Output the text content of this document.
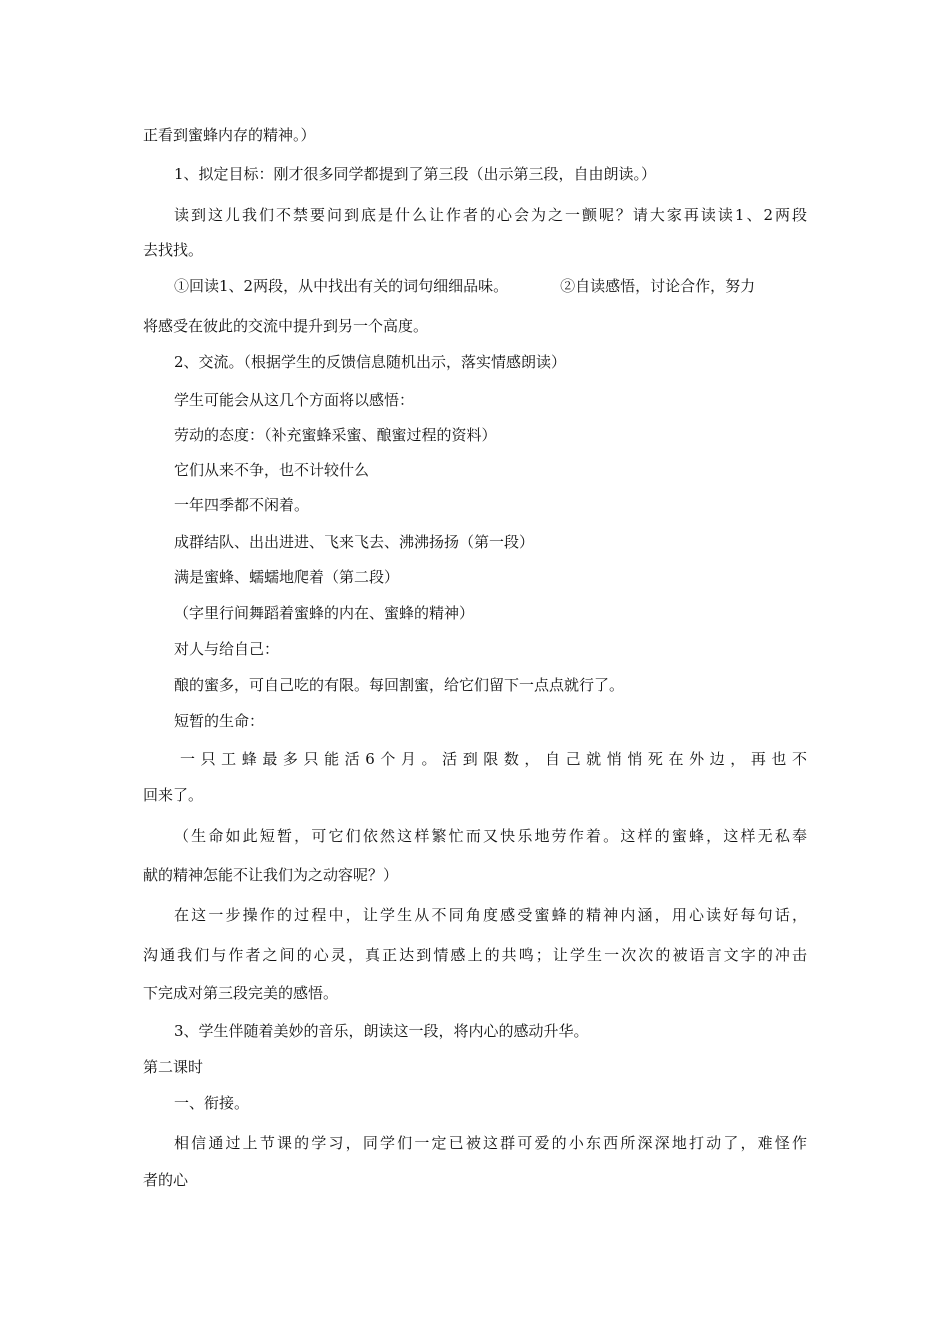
正看到蜜蜂内存的精神。）
1、拟定目标：刚才很多同学都提到了第三段（出示第三段，自由朗读。）
读到这儿我们不禁要问到底是什么让作者的心会为之一颤呢？请大家再读读1、2两段
去找找。
①回读1、2两段，从中找出有关的词句细细品味。	②自读感悟，讨论合作，努力
将感受在彼此的交流中提升到另一个高度。
2、交流。（根据学生的反馈信息随机出示，落实情感朗读）
学生可能会从这几个方面将以感悟：
劳动的态度：（补充蜜蜂采蜜、酿蜜过程的资料）
它们从来不争，也不计较什么
一年四季都不闲着。
成群结队、出出进进、飞来飞去、沸沸扬扬（第一段）
满是蜜蜂、蠕蠕地爬着（第二段）
（字里行间舞蹈着蜜蜂的内在、蜜蜂的精神）
对人与给自己：
酿的蜜多，可自己吃的有限。每回割蜜，给它们留下一点点就行了。
短暂的生命：
一只工蜂最多只能活6个月。活到限数，自己就悄悄死在外边，再也不
回来了。
（生命如此短暂，可它们依然这样繁忙而又快乐地劳作着。这样的蜜蜂，这样无私奉
献的精神怎能不让我们为之动容呢？）
在这一步操作的过程中，让学生从不同角度感受蜜蜂的精神内涵，用心读好每句话，
沟通我们与作者之间的心灵，真正达到情感上的共鸣；让学生一次次的被语言文字的冲击
下完成对第三段完美的感悟。
3、学生伴随着美妙的音乐，朗读这一段，将内心的感动升华。
第二课时
一、衔接。
相信通过上节课的学习，同学们一定已被这群可爱的小东西所深深地打动了，难怪作
者的心
